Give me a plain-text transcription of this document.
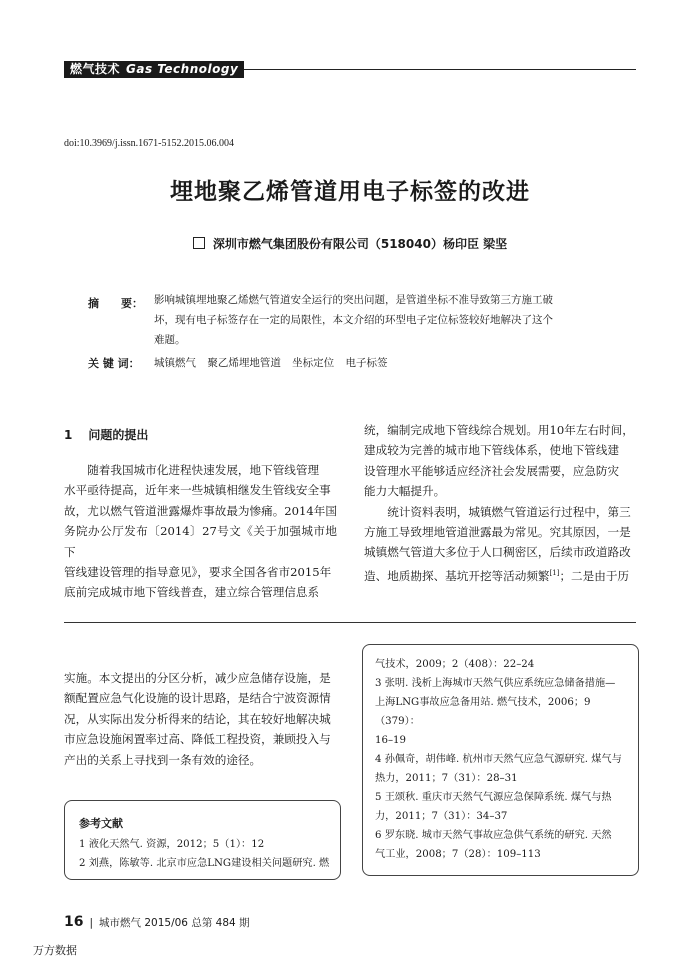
燃气技术 Gas Technology
doi:10.3969/j.issn.1671-5152.2015.06.004
埋地聚乙烯管道用电子标签的改进
深圳市燃气集团股份有限公司（518040）杨印臣 梁坚
摘　　要： 影响城镇埋地聚乙烯燃气管道安全运行的突出问题，是管道坐标不准导致第三方施工破
坏，现有电子标签存在一定的局限性，本文介绍的环型电子定位标签较好地解决了这个
难题。
关 键 词： 城镇燃气 聚乙烯埋地管道 坐标定位 电子标签
1 问题的提出
随着我国城市化进程快速发展，地下管线管理
水平亟待提高，近年来一些城镇相继发生管线安全事
故，尤以燃气管道泄露爆炸事故最为惨痛。2014年国
务院办公厅发布〔2014〕27号文《关于加强城市地下
管线建设管理的指导意见》，要求全国各省市2015年
底前完成城市地下管线普查，建立综合管理信息系
统，编制完成地下管线综合规划。用10年左右时间，
建成较为完善的城市地下管线体系，使地下管线建
设管理水平能够适应经济社会发展需要，应急防灾
能力大幅提升。
统计资料表明，城镇燃气管道运行过程中，第三
方施工导致埋地管道泄露最为常见。究其原因，一是
城镇燃气管道大多位于人口稠密区，后续市政道路改
造、地质勘探、基坑开挖等活动频繁[1]；二是由于历
实施。本文提出的分区分析，减少应急储存设施，是
额配置应急气化设施的设计思路，是结合宁波资源情
况，从实际出发分析得来的结论，其在较好地解决城
市应急设施闲置率过高、降低工程投资，兼顾投入与
产出的关系上寻找到一条有效的途径。
参考文献
1 液化天然气. 资源，2012；5（1）：12
2 刘燕，陈敏等. 北京市应急LNG建设相关问题研究. 燃
气技术，2009；2（408）：22–24
3 张明. 浅析上海城市天然气供应系统应急储备措施—
上海LNG事故应急备用站. 燃气技术，2006；9（379）：
16–19
4 孙佩奇，胡伟峰. 杭州市天然气应急气源研究. 煤气与
热力，2011；7（31）：28–31
5 王颂秋. 重庆市天然气气源应急保障系统. 煤气与热
力，2011；7（31）：34–37
6 罗东晓. 城市天然气事故应急供气系统的研究. 天然
气工业，2008；7（28）：109–113
16 | 城市燃气 2015/06 总第 484 期
万方数据
